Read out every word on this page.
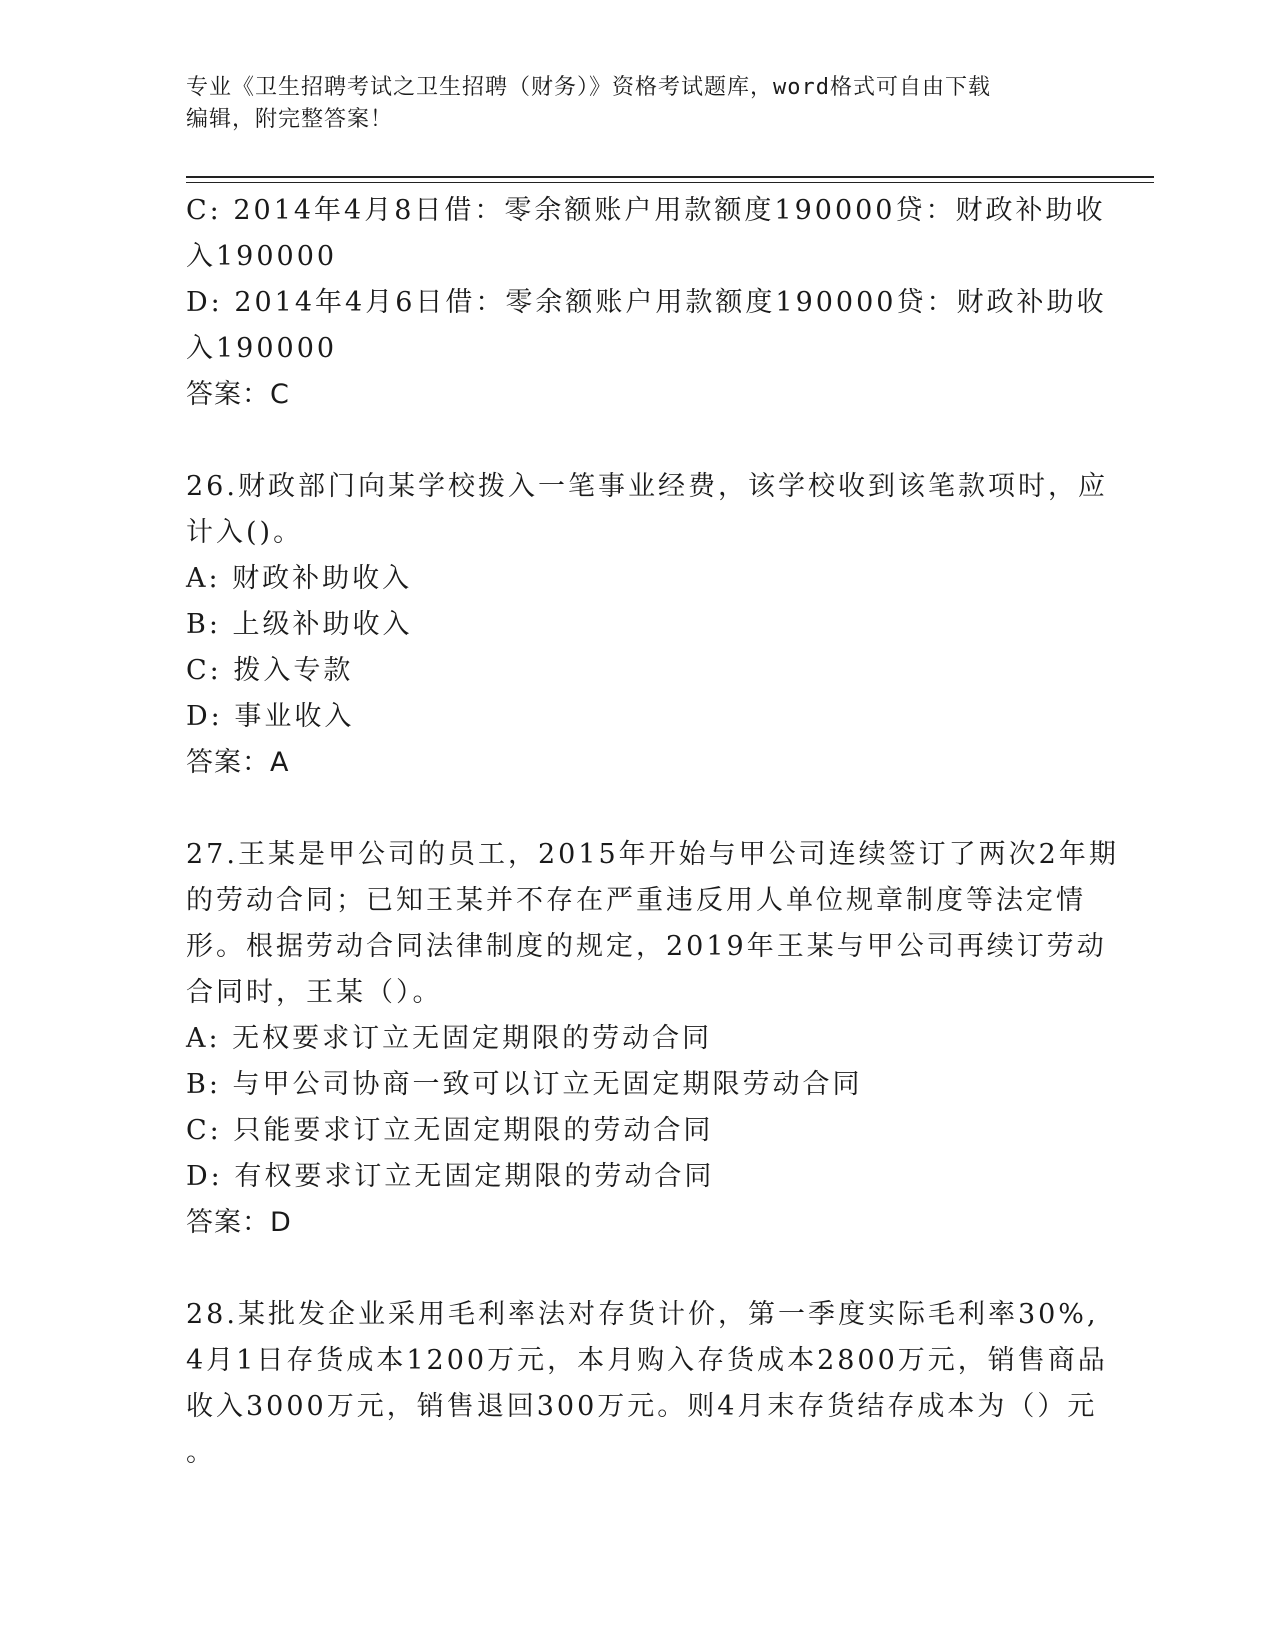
专业《卫生招聘考试之卫生招聘（财务）》资格考试题库，word格式可自由下载
编辑，附完整答案！
C: 2014年4月8日借：零余额账户用款额度190000贷：财政补助收
入190000
D: 2014年4月6日借：零余额账户用款额度190000贷：财政补助收
入190000
答案：C
26.财政部门向某学校拨入一笔事业经费，该学校收到该笔款项时，应
计入()。
A: 财政补助收入
B: 上级补助收入
C: 拨入专款
D: 事业收入
答案：A
27.王某是甲公司的员工，2015年开始与甲公司连续签订了两次2年期
的劳动合同；已知王某并不存在严重违反用人单位规章制度等法定情
形。根据劳动合同法律制度的规定，2019年王某与甲公司再续订劳动
合同时，王某（）。
A: 无权要求订立无固定期限的劳动合同
B: 与甲公司协商一致可以订立无固定期限劳动合同
C: 只能要求订立无固定期限的劳动合同
D: 有权要求订立无固定期限的劳动合同
答案：D
28.某批发企业采用毛利率法对存货计价，第一季度实际毛利率30%,
4月1日存货成本1200万元，本月购入存货成本2800万元，销售商品
收入3000万元，销售退回300万元。则4月末存货结存成本为（）元
。
